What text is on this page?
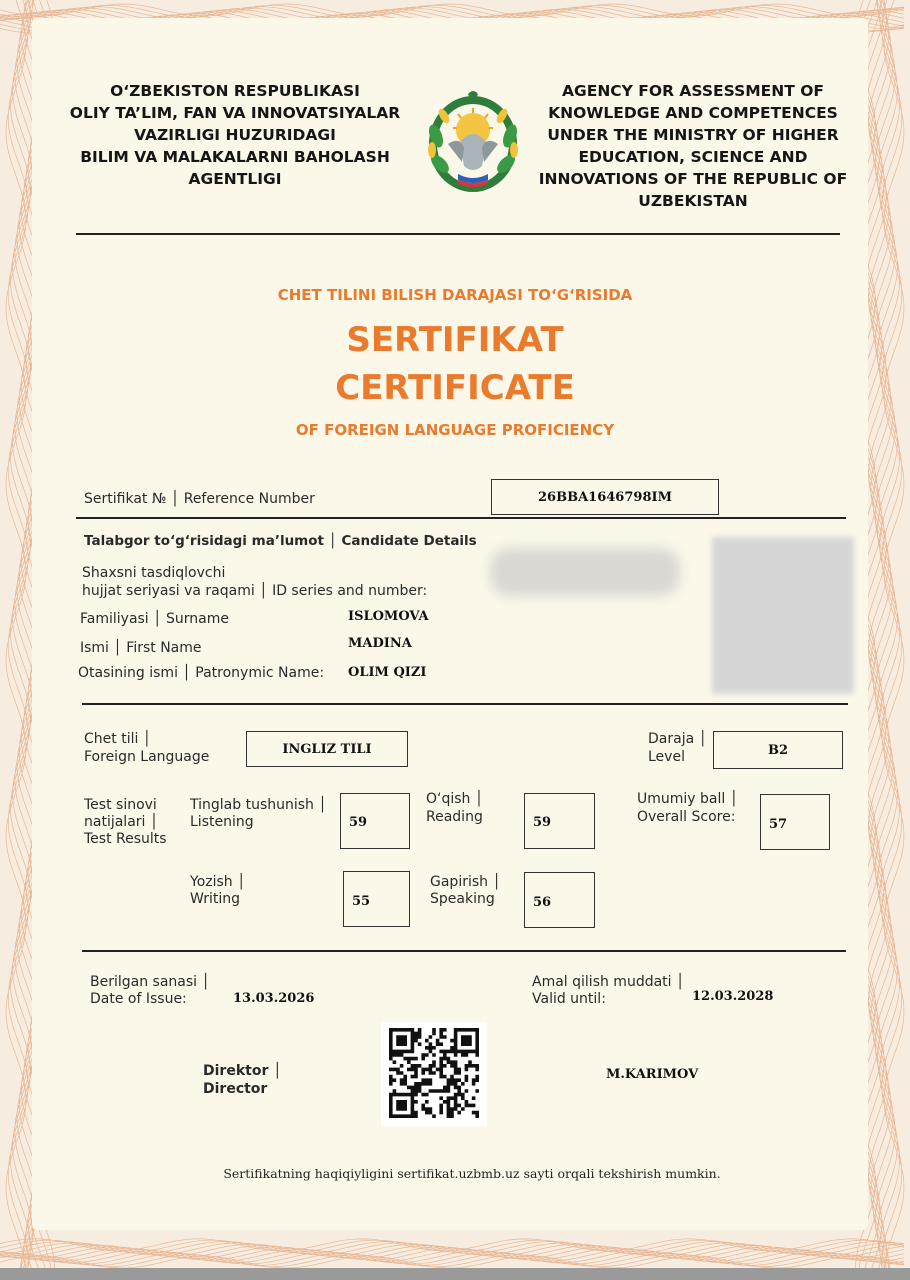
O‘ZBEKISTON RESPUBLIKASI
OLIY TA’LIM, FAN VA INNOVATSIYALAR
VAZIRLIGI HUZURIDAGI
BILIM VA MALAKALARNI BAHOLASH
AGENTLIGI
AGENCY FOR ASSESSMENT OF
KNOWLEDGE AND COMPETENCES
UNDER THE MINISTRY OF HIGHER
EDUCATION, SCIENCE AND
INNOVATIONS OF THE REPUBLIC OF
UZBEKISTAN
CHET TILINI BILISH DARAJASI TO‘G‘RISIDA
SERTIFIKAT
CERTIFICATE
OF FOREIGN LANGUAGE PROFICIENCY
Sertifikat № │ Reference Number	26BBA1646798IM
Talabgor to‘g‘risidagi ma’lumot │ Candidate Details
Shaxsni tasdiqlovchi
hujjat seriyasi va raqami │ ID series and number:
Familiyasi │ Surname	ISLOMOVA
Ismi │ First Name	MADINA
Otasining ismi │ Patronymic Name: OLIM QIZI
Chet tili │
Foreign Language	INGLIZ TILI
Daraja │
Level	B2
Test sinovi
natijalari │
Test Results
Tinglab tushunish │
Listening	59
O‘qish │
Reading	59
Umumiy ball │
Overall Score:	57
Yozish │
Writing	55
Gapirish │
Speaking	56
Berilgan sanasi │
Date of Issue:	13.03.2026
Amal qilish muddati │
Valid until:	12.03.2028
Direktor │
Director
M.KARIMOV
Sertifikatning haqiqiyligini sertifikat.uzbmb.uz sayti orqali tekshirish mumkin.
